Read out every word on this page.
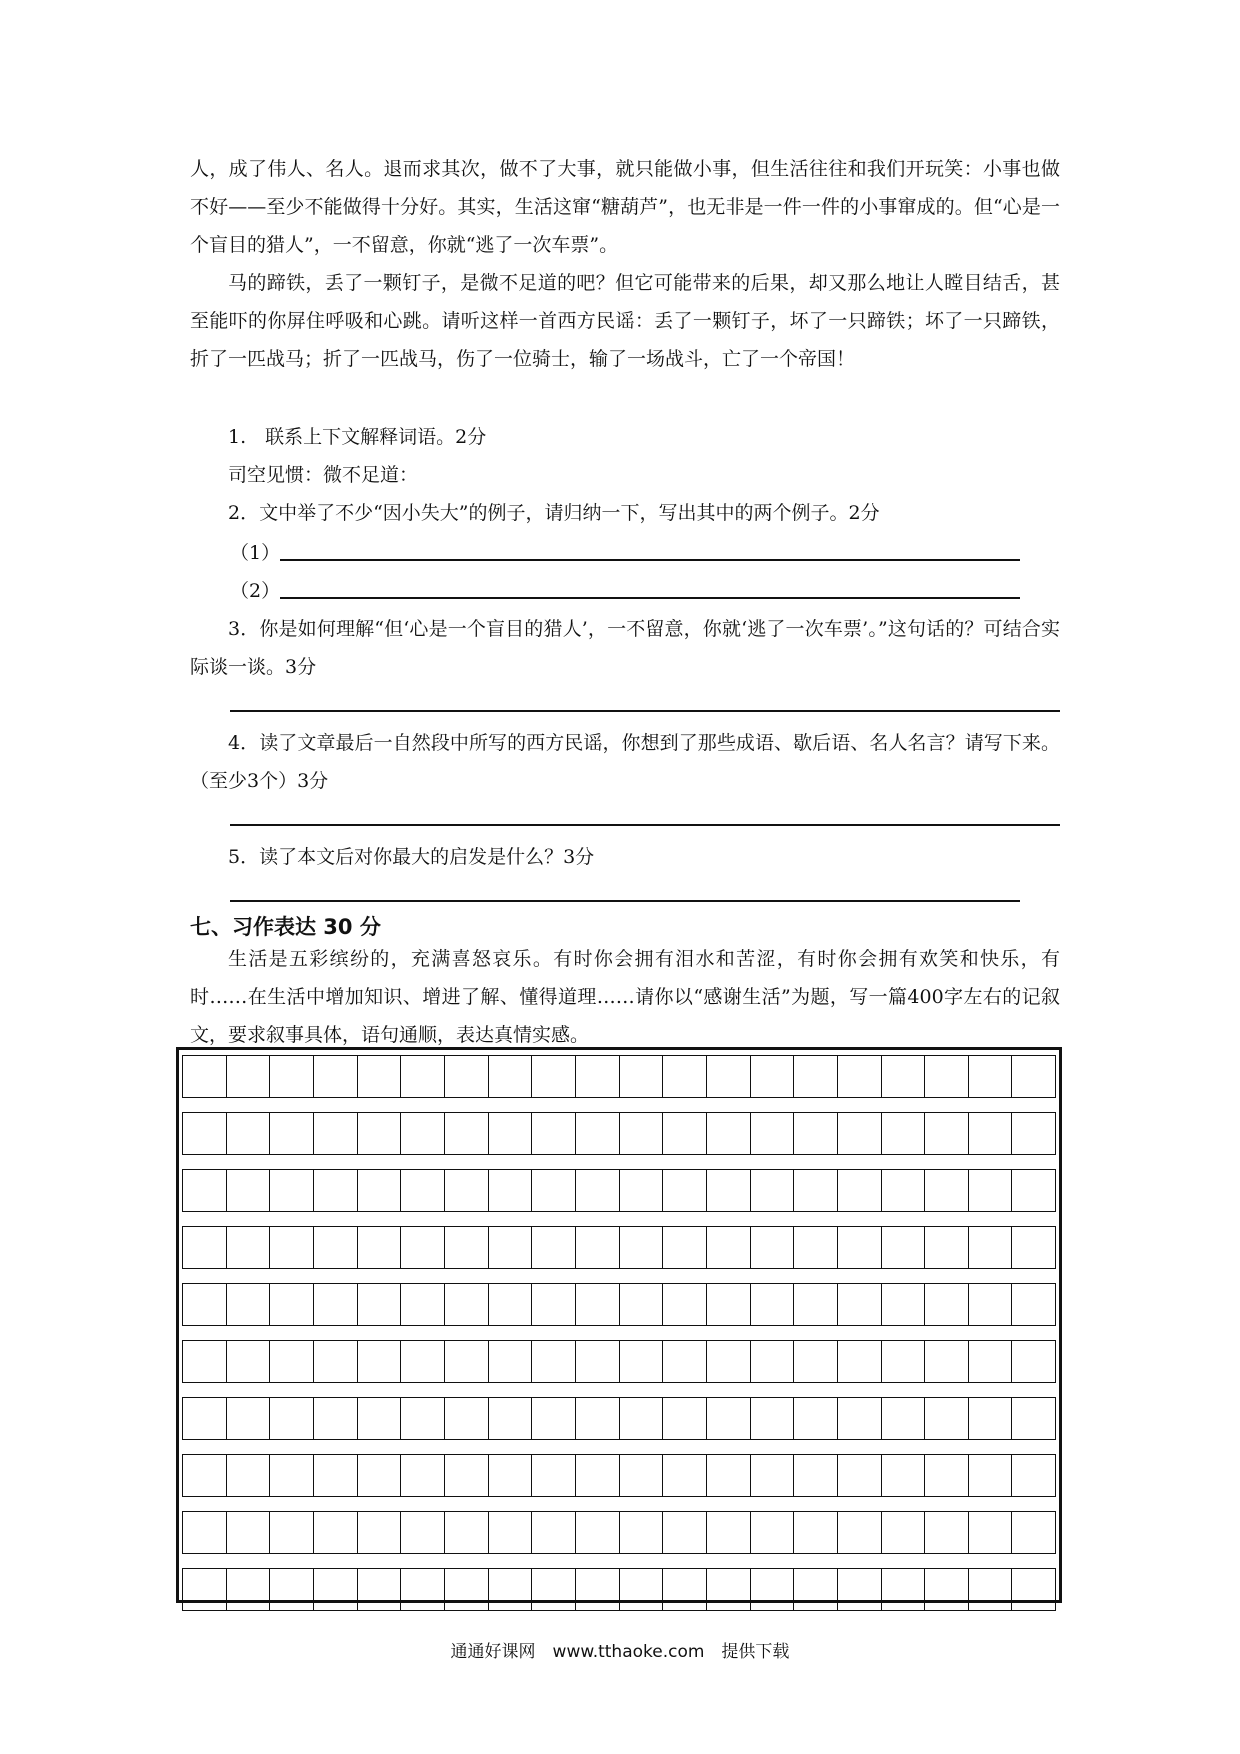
人，成了伟人、名人。退而求其次，做不了大事，就只能做小事，但生活往往和我们开玩笑：小事也做不好——至少不能做得十分好。其实，生活这窜“糖葫芦”，也无非是一件一件的小事窜成的。但“心是一个盲目的猎人”，一不留意，你就“逃了一次车票”。

马的蹄铁，丢了一颗钉子，是微不足道的吧？但它可能带来的后果，却又那么地让人瞠目结舌，甚至能吓的你屏住呼吸和心跳。请听这样一首西方民谣：丢了一颗钉子，坏了一只蹄铁；坏了一只蹄铁，折了一匹战马；折了一匹战马，伤了一位骑士，输了一场战斗，亡了一个帝国！

1.　联系上下文解释词语。2分
司空见惯：微不足道：
2．文中举了不少“因小失大”的例子，请归纳一下，写出其中的两个例子。2分
（1）
（2）
3．你是如何理解“但‘心是一个盲目的猎人’，一不留意，你就‘逃了一次车票’。”这句话的？可结合实际谈一谈。3分
4．读了文章最后一自然段中所写的西方民谣，你想到了那些成语、歇后语、名人名言？请写下来。（至少3个）3分
5．读了本文后对你最大的启发是什么？3分
七、习作表达 30 分
生活是五彩缤纷的，充满喜怒哀乐。有时你会拥有泪水和苦涩，有时你会拥有欢笑和快乐，有时……在生活中增加知识、增进了解、懂得道理……请你以“感谢生活”为题，写一篇400字左右的记叙文，要求叙事具体，语句通顺，表达真情实感。
通通好课网　www.tthaoke.com　提供下载
